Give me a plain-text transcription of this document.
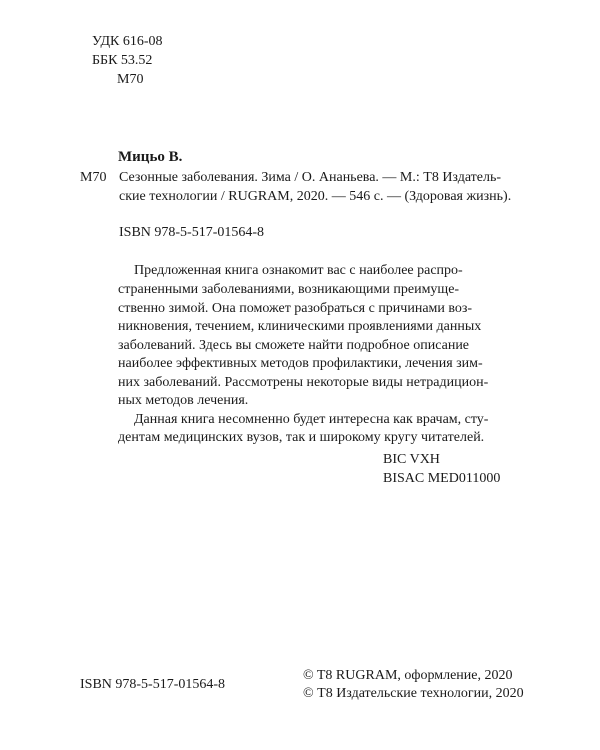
УДК 616-08
ББК 53.52
М70
Мицьо В.
М70 Сезонные заболевания. Зима / О. Ананьева. — М.: Т8 Издатель-
ские технологии / RUGRAM, 2020. — 546 с. — (Здоровая жизнь).
ISBN 978-5-517-01564-8
Предложенная книга ознакомит вас с наиболее распро-
страненными заболеваниями, возникающими преимуще-
ственно зимой. Она поможет разобраться с причинами воз-
никновения, течением, клиническими проявлениями данных
заболеваний. Здесь вы сможете найти подробное описание
наиболее эффективных методов профилактики, лечения зим-
них заболеваний. Рассмотрены некоторые виды нетрадицион-
ных методов лечения.
Данная книга несомненно будет интересна как врачам, сту-
дентам медицинских вузов, так и широкому кругу читателей.
BIC VXH
BISAC MED011000
ISBN 978-5-517-01564-8
© T8 RUGRAM, оформление, 2020
© Т8 Издательские технологии, 2020
